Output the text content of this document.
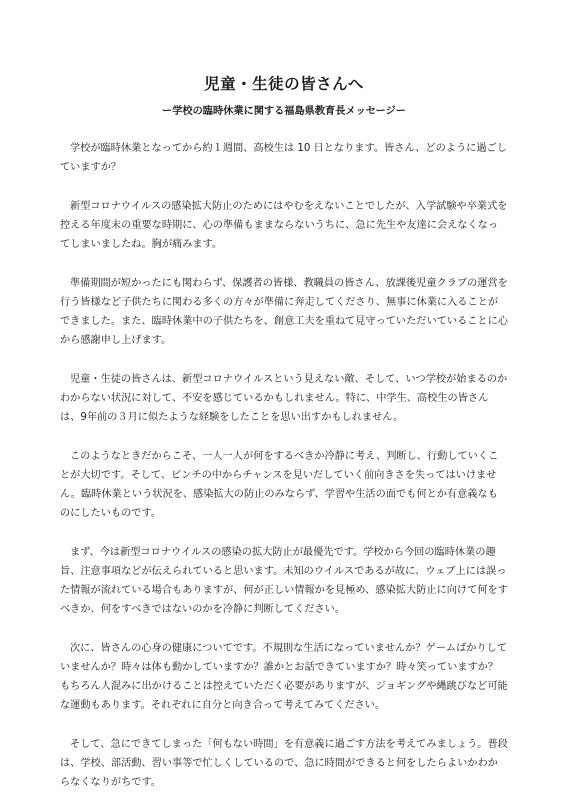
児童・生徒の皆さんへ
ー学校の臨時休業に関する福島県教育長メッセージー

学校が臨時休業となってから約１週間、高校生は 10 日となります。皆さん、どのように過ごしていますか？

新型コロナウイルスの感染拡大防止のためにはやむをえないことでしたが、入学試験や卒業式を控える年度末の重要な時期に、心の準備もままならないうちに、急に先生や友達に会えなくなってしまいましたね。胸が痛みます。

準備期間が短かったにも関わらず、保護者の皆様、教職員の皆さん、放課後児童クラブの運営を行う皆様など子供たちに関わる多くの方々が準備に奔走してくださり、無事に休業に入ることができました。また、臨時休業中の子供たちを、創意工夫を重ねて見守っていただいていることに心から感謝申し上げます。

児童・生徒の皆さんは、新型コロナウイルスという見えない敵、そして、いつ学校が始まるのかわからない状況に対して、不安を感じているかもしれません。特に、中学生、高校生の皆さんは、9年前の３月に似たような経験をしたことを思い出すかもしれません。

このようなときだからこそ、一人一人が何をするべきか冷静に考え、判断し、行動していくことが大切です。そして、ピンチの中からチャンスを見いだしていく前向きさを失ってはいけません。臨時休業という状況を、感染拡大の防止のみならず、学習や生活の面でも何とか有意義なものにしたいものです。

まず、今は新型コロナウイルスの感染の拡大防止が最優先です。学校から今回の臨時休業の趣旨、注意事項などが伝えられていると思います。未知のウイルスであるが故に、ウェブ上には誤った情報が流れている場合もありますが、何が正しい情報かを見極め、感染拡大防止に向けて何をすべきか、何をすべきではないのかを冷静に判断してください。

次に、皆さんの心身の健康についてです。不規則な生活になっていませんか？ゲームばかりしていませんか？時々は体も動かしていますか？誰かとお話できていますか？時々笑っていますか？もちろん人混みに出かけることは控えていただく必要がありますが、ジョギングや縄跳びなど可能な運動もあります。それぞれに自分と向き合って考えてみてください。

そして、急にできてしまった「何もない時間」を有意義に過ごす方法を考えてみましょう。普段は、学校、部活動、習い事等で忙しくしているので、急に時間ができると何をしたらよいかわからなくなりがちです。
